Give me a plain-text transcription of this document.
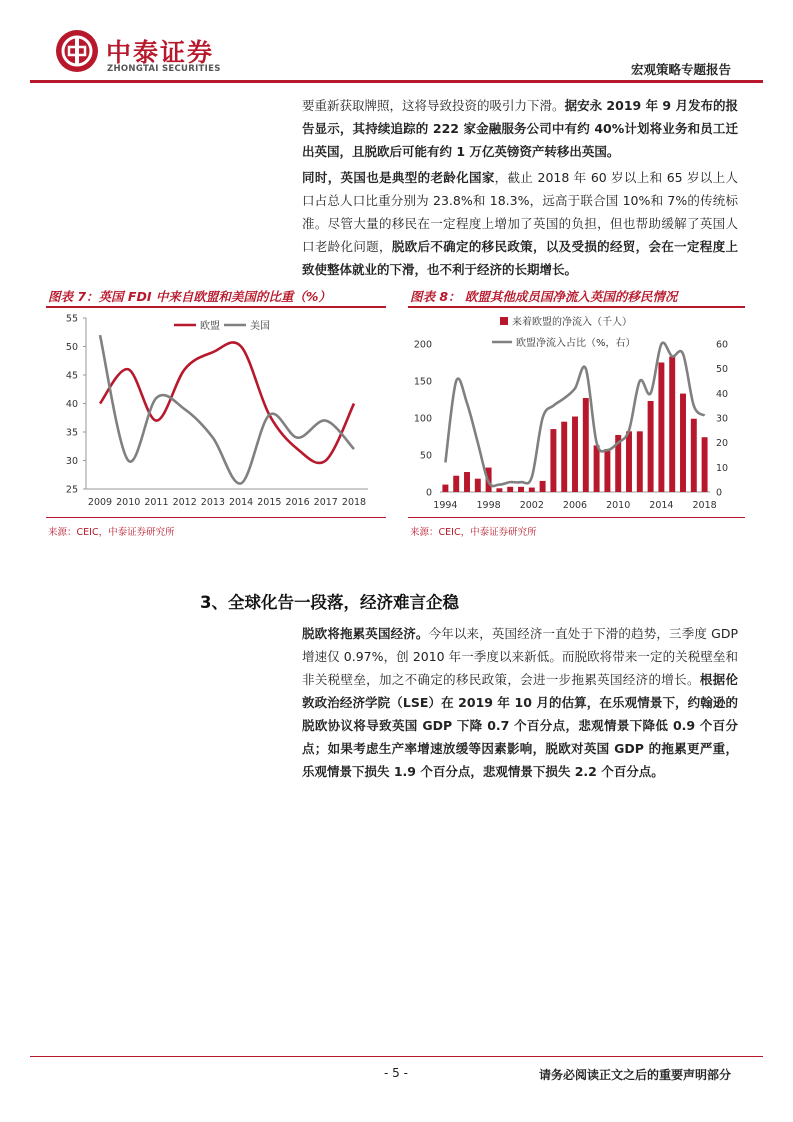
中泰证券
ZHONGTAI SECURITIES	宏观策略专题报告
要重新获取牌照，这将导致投资的吸引力下滑。据安永 2019 年 9 月发布的报告显示，其持续追踪的 222 家金融服务公司中有约 40%计划将业务和员工迁出英国，且脱欧后可能有约 1 万亿英镑资产转移出英国。
同时，英国也是典型的老龄化国家，截止 2018 年 60 岁以上和 65 岁以上人口占总人口比重分别为 23.8%和 18.3%，远高于联合国 10%和 7%的传统标准。尽管大量的移民在一定程度上增加了英国的负担，但也帮助缓解了英国人口老龄化问题，脱欧后不确定的移民政策，以及受损的经贸，会在一定程度上致使整体就业的下滑，也不利于经济的长期增长。
图表 7：英国 FDI 中来自欧盟和美国的比重（%）
25
30
35
40
45
50
55
2009 2010 2011 2012 2013 2014 2015 2016 2017 2018
欧盟	美国
来源：CEIC，中泰证券研究所
图表 8： 欧盟其他成员国净流入英国的移民情况
0
50
100
150
200
0
10
20
30
40
50
60
1994 1998 2002 2006 2010 2014 2018
来着欧盟的净流入（千人）
欧盟净流入占比（%，右）
来源：CEIC，中泰证券研究所
3、全球化告一段落，经济难言企稳
脱欧将拖累英国经济。今年以来，英国经济一直处于下滑的趋势，三季度 GDP 增速仅 0.97%，创 2010 年一季度以来新低。而脱欧将带来一定的关税壁垒和非关税壁垒，加之不确定的移民政策，会进一步拖累英国经济的增长。根据伦敦政治经济学院（LSE）在 2019 年 10 月的估算，在乐观情景下，约翰逊的脱欧协议将导致英国 GDP 下降 0.7 个百分点，悲观情景下降低 0.9 个百分点；如果考虑生产率增速放缓等因素影响，脱欧对英国 GDP 的拖累更严重，乐观情景下损失 1.9 个百分点，悲观情景下损失 2.2 个百分点。
- 5 -	请务必阅读正文之后的重要声明部分
